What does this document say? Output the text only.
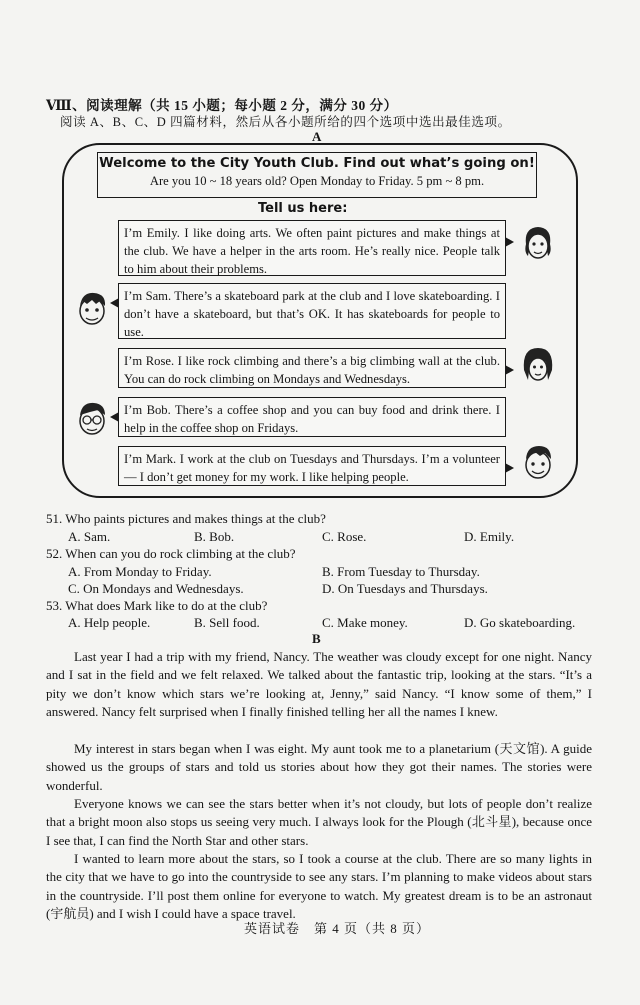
Ⅷ、阅读理解（共 15 小题；每小题 2 分，满分 30 分）
阅读 A、B、C、D 四篇材料，然后从各小题所给的四个选项中选出最佳选项。
A
Welcome to the City Youth Club. Find out what’s going on!
Are you 10 ~ 18 years old? Open Monday to Friday. 5 pm ~ 8 pm.
Tell us here:
I’m Emily. I like doing arts. We often paint pictures and make things at the club. We have a helper in the arts room. He’s really nice. People talk to him about their problems.
I’m Sam. There’s a skateboard park at the club and I love skateboarding. I don’t have a skateboard, but that’s OK. It has skateboards for people to use.
I’m Rose. I like rock climbing and there’s a big climbing wall at the club. You can do rock climbing on Mondays and Wednesdays.
I’m Bob. There’s a coffee shop and you can buy food and drink there. I help in the coffee shop on Fridays.
I’m Mark. I work at the club on Tuesdays and Thursdays. I’m a volunteer — I don’t get money for my work. I like helping people.
51. Who paints pictures and makes things at the club?
A. Sam.	B. Bob.	C. Rose.	D. Emily.
52. When can you do rock climbing at the club?
A. From Monday to Friday.	B. From Tuesday to Thursday.
C. On Mondays and Wednesdays.	D. On Tuesdays and Thursdays.
53. What does Mark like to do at the club?
A. Help people.	B. Sell food.	C. Make money.	D. Go skateboarding.
B

Last year I had a trip with my friend, Nancy. The weather was cloudy except for one night. Nancy and I sat in the field and we felt relaxed. We talked about the fantastic trip, looking at the stars. “It’s a pity we don’t know which stars we’re looking at, Jenny,” said Nancy. “I know some of them,” I answered. Nancy felt surprised when I finally finished telling her all the names I knew.

My interest in stars began when I was eight. My aunt took me to a planetarium (天文馆). A guide showed us the groups of stars and told us stories about how they got their names. The stories were wonderful.

Everyone knows we can see the stars better when it’s not cloudy, but lots of people don’t realize that a bright moon also stops us seeing very much. I always look for the Plough (北斗星), because once I see that, I can find the North Star and other stars.

I wanted to learn more about the stars, so I took a course at the club. There are so many lights in the city that we have to go into the countryside to see any stars. I’m planning to make videos about stars in the countryside. I’ll post them online for everyone to watch. My greatest dream is to be an astronaut (宇航员) and I wish I could have a space travel.

英语试卷　第 4 页（共 8 页）
